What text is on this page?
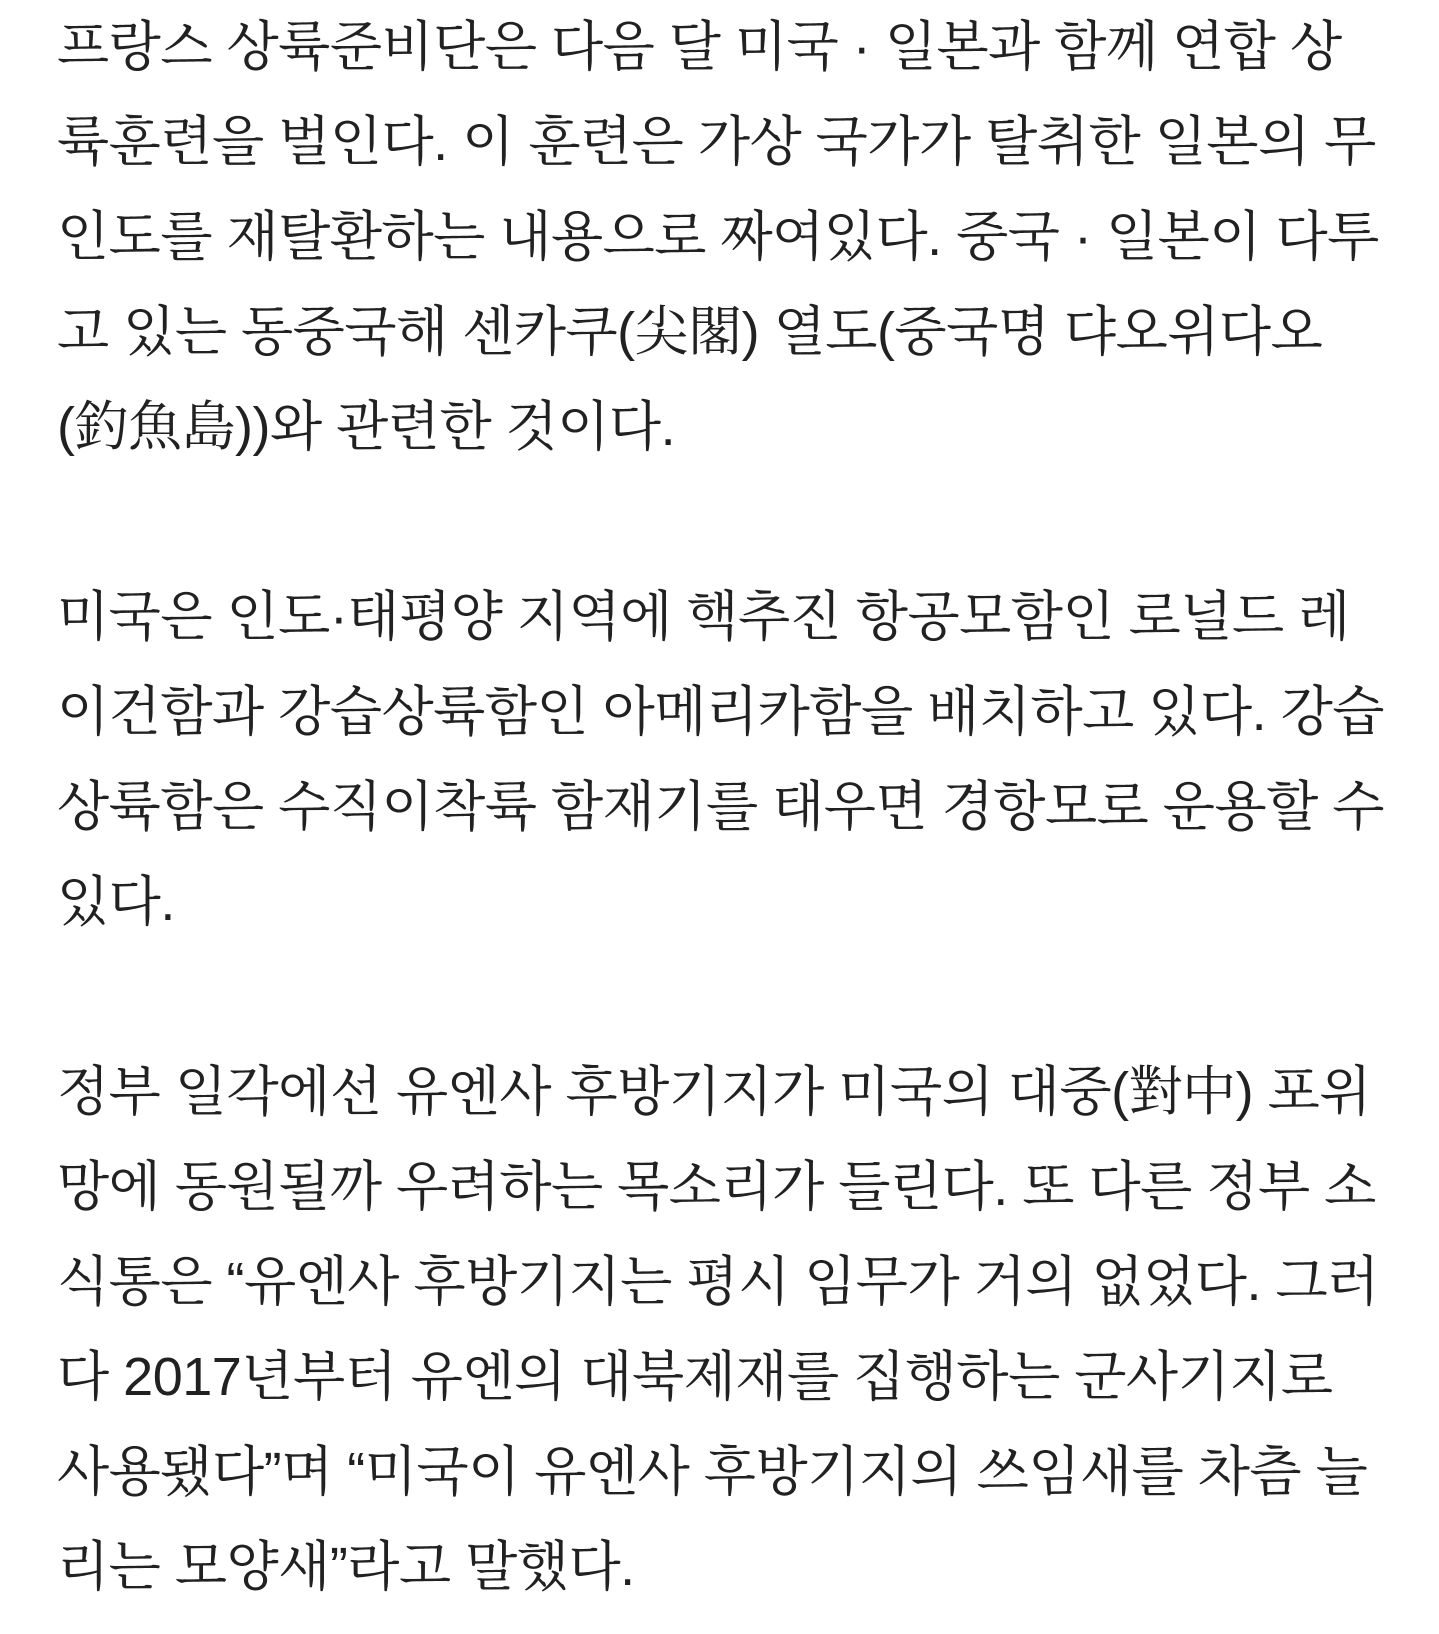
프랑스 상륙준비단은 다음 달 미국 · 일본과 함께 연합 상
륙훈련을 벌인다. 이 훈련은 가상 국가가 탈취한 일본의 무
인도를 재탈환하는 내용으로 짜여있다. 중국 · 일본이 다투
고 있는 동중국해 센카쿠(尖閣) 열도(중국명 댜오위다오
(釣魚島))와 관련한 것이다.

미국은 인도·태평양 지역에 핵추진 항공모함인 로널드 레
이건함과 강습상륙함인 아메리카함을 배치하고 있다. 강습
상륙함은 수직이착륙 함재기를 태우면 경항모로 운용할 수
있다.

정부 일각에선 유엔사 후방기지가 미국의 대중(對中) 포위
망에 동원될까 우려하는 목소리가 들린다. 또 다른 정부 소
식통은 “유엔사 후방기지는 평시 임무가 거의 없었다. 그러
다 2017년부터 유엔의 대북제재를 집행하는 군사기지로
사용됐다”며 “미국이 유엔사 후방기지의 쓰임새를 차츰 늘
리는 모양새”라고 말했다.
